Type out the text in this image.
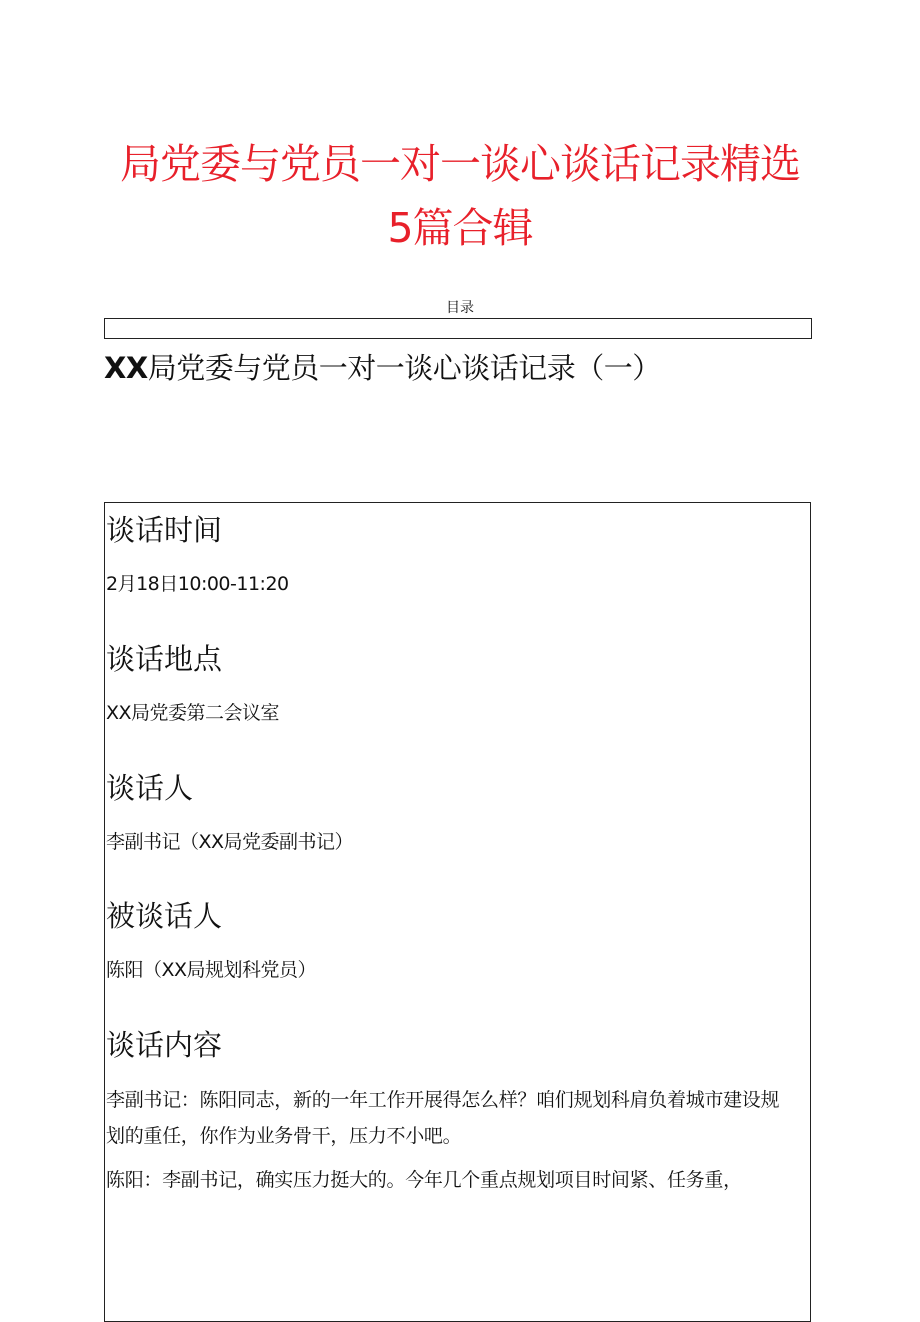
局党委与党员一对一谈心谈话记录精选
5篇合辑
目录
XX局党委与党员一对一谈心谈话记录（一）

谈话时间

2月18日10:00-11:20

谈话地点

XX局党委第二会议室

谈话人

李副书记（XX局党委副书记）

被谈话人

陈阳（XX局规划科党员）

谈话内容

李副书记：陈阳同志，新的一年工作开展得怎么样？咱们规划科肩负着城市建设规划的重任，你作为业务骨干，压力不小吧。

陈阳：李副书记，确实压力挺大的。今年几个重点规划项目时间紧、任务重，
